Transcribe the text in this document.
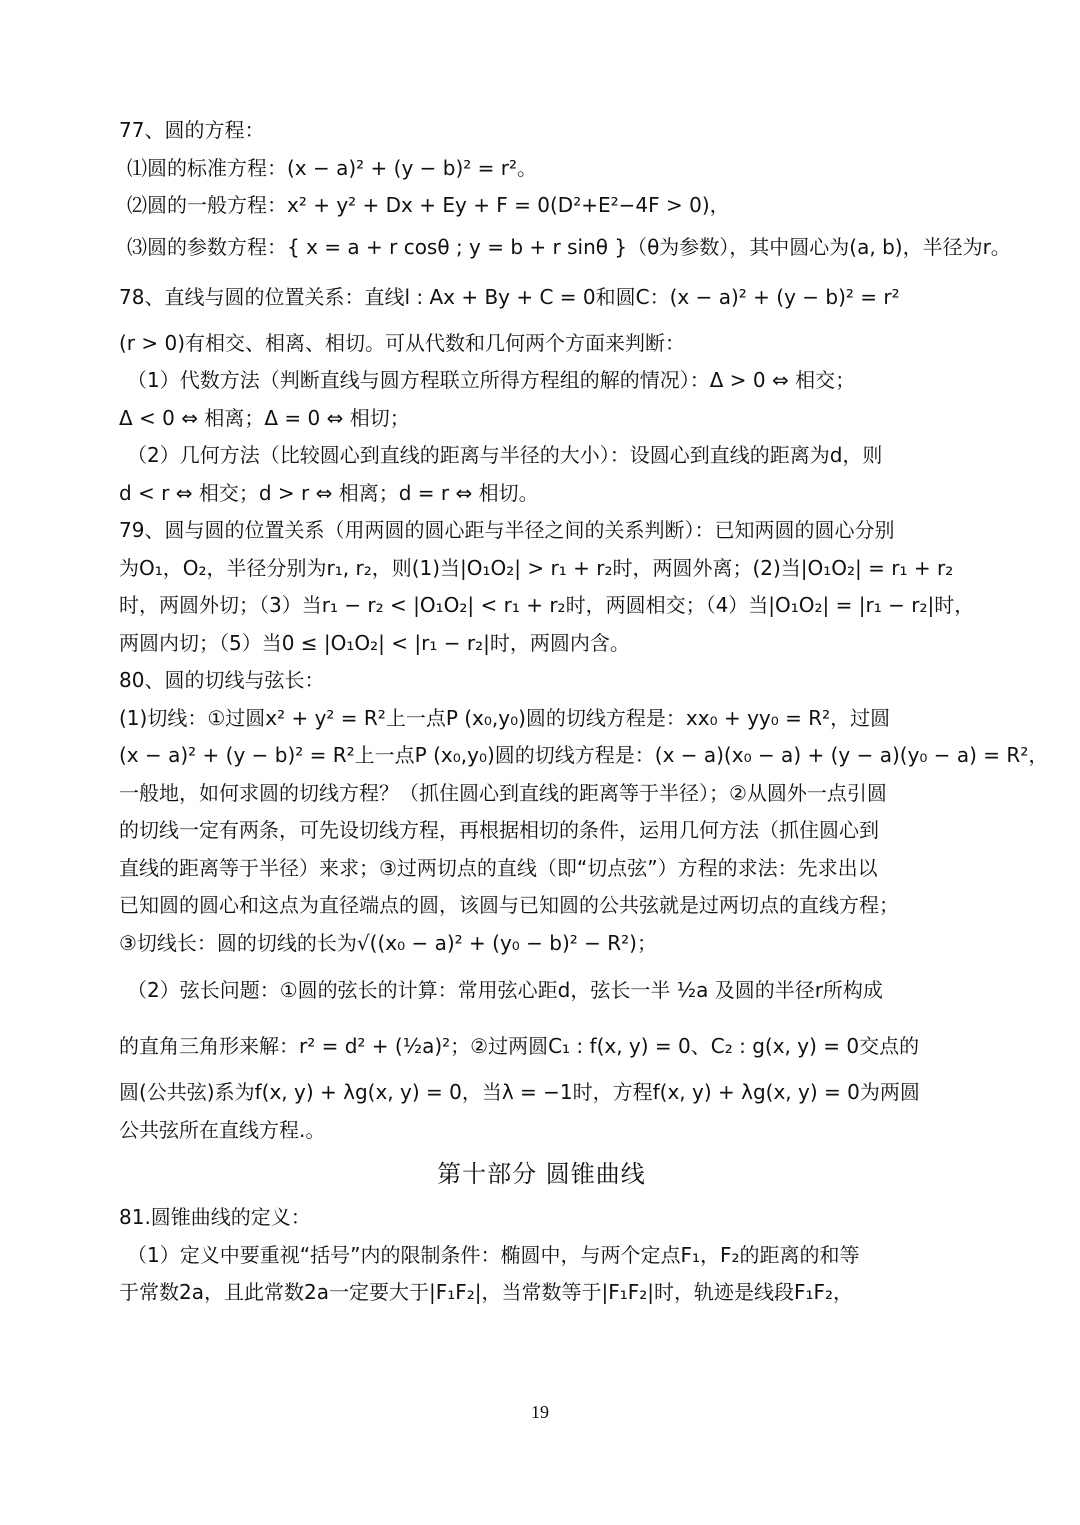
77、圆的方程：
⑴圆的标准方程：(x − a)² + (y − b)² = r²。
⑵圆的一般方程：x² + y² + Dx + Ey + F = 0(D²+E²−4F > 0)，
⑶圆的参数方程：{ x = a + r cosθ ; y = b + r sinθ }（θ为参数），其中圆心为(a, b)，半径为r。
78、直线与圆的位置关系：直线l : Ax + By + C = 0和圆C：(x − a)² + (y − b)² = r²
(r > 0)有相交、相离、相切。可从代数和几何两个方面来判断：
（1）代数方法（判断直线与圆方程联立所得方程组的解的情况）：Δ > 0 ⇔ 相交；
Δ < 0 ⇔ 相离；Δ = 0 ⇔ 相切；
（2）几何方法（比较圆心到直线的距离与半径的大小）：设圆心到直线的距离为d，则
d < r ⇔ 相交；d > r ⇔ 相离；d = r ⇔ 相切。
79、圆与圆的位置关系（用两圆的圆心距与半径之间的关系判断）：已知两圆的圆心分别
为O₁，O₂，半径分别为r₁, r₂，则(1)当|O₁O₂| > r₁ + r₂时，两圆外离；(2)当|O₁O₂| = r₁ + r₂
时，两圆外切；（3）当r₁ − r₂ < |O₁O₂| < r₁ + r₂时，两圆相交；（4）当|O₁O₂| = |r₁ − r₂|时，
两圆内切；（5）当0 ≤ |O₁O₂| < |r₁ − r₂|时，两圆内含。
80、圆的切线与弦长：
(1)切线：①过圆x² + y² = R²上一点P (x₀,y₀)圆的切线方程是：xx₀ + yy₀ = R²，过圆
(x − a)² + (y − b)² = R²上一点P (x₀,y₀)圆的切线方程是：(x − a)(x₀ − a) + (y − a)(y₀ − a) = R²，
一般地，如何求圆的切线方程？（抓住圆心到直线的距离等于半径）；②从圆外一点引圆
的切线一定有两条，可先设切线方程，再根据相切的条件，运用几何方法（抓住圆心到
直线的距离等于半径）来求；③过两切点的直线（即“切点弦”）方程的求法：先求出以
已知圆的圆心和这点为直径端点的圆，该圆与已知圆的公共弦就是过两切点的直线方程；
③切线长：圆的切线的长为√((x₀ − a)² + (y₀ − b)² − R²)；
（2）弦长问题：①圆的弦长的计算：常用弦心距d，弦长一半 ½a 及圆的半径r所构成
的直角三角形来解：r² = d² + (½a)²；②过两圆C₁ : f(x, y) = 0、C₂ : g(x, y) = 0交点的
圆(公共弦)系为f(x, y) + λg(x, y) = 0，当λ = −1时，方程f(x, y) + λg(x, y) = 0为两圆
公共弦所在直线方程.。
第十部分 圆锥曲线
81.圆锥曲线的定义：
（1）定义中要重视“括号”内的限制条件：椭圆中，与两个定点F₁，F₂的距离的和等
于常数2a，且此常数2a一定要大于|F₁F₂|，当常数等于|F₁F₂|时，轨迹是线段F₁F₂，
19
